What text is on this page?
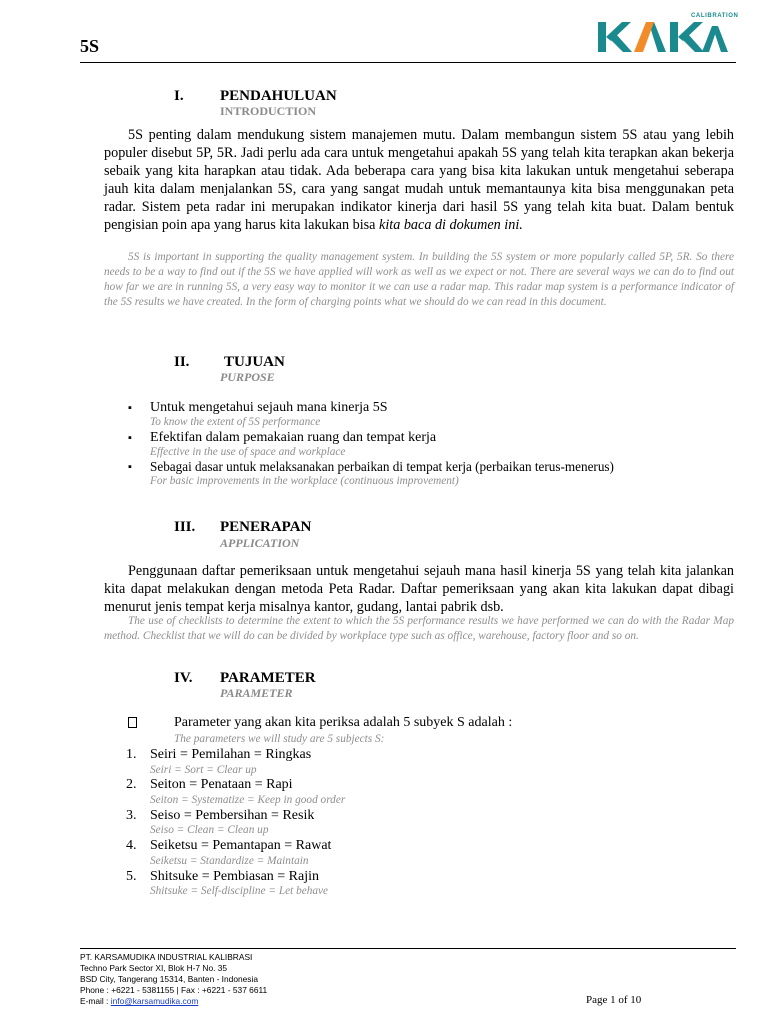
5S
CALIBRATION
I. PENDAHULUAN
INTRODUCTION
5S penting dalam mendukung sistem manajemen mutu. Dalam membangun sistem 5S atau yang lebih populer disebut 5P, 5R. Jadi perlu ada cara untuk mengetahui apakah 5S yang telah kita terapkan akan bekerja sebaik yang kita harapkan atau tidak. Ada beberapa cara yang bisa kita lakukan untuk mengetahui seberapa jauh kita dalam menjalankan 5S, cara yang sangat mudah untuk memantaunya kita bisa menggunakan peta radar. Sistem peta radar ini merupakan indikator kinerja dari hasil 5S yang telah kita buat. Dalam bentuk pengisian poin apa yang harus kita lakukan bisa kita baca di dokumen ini.
5S is important in supporting the quality management system. In building the 5S system or more popularly called 5P, 5R. So there needs to be a way to find out if the 5S we have applied will work as well as we expect or not. There are several ways we can do to find out how far we are in running 5S, a very easy way to monitor it we can use a radar map. This radar map system is a performance indicator of the 5S results we have created. In the form of charging points what we should do we can read in this document.
II. TUJUAN
PURPOSE
▪ Untuk mengetahui sejauh mana kinerja 5S
To know the extent of 5S performance
▪ Efektifan dalam pemakaian ruang dan tempat kerja
Effective in the use of space and workplace
▪ Sebagai dasar untuk melaksanakan perbaikan di tempat kerja (perbaikan terus-menerus)
For basic improvements in the workplace (continuous improvement)
III. PENERAPAN
APPLICATION
Penggunaan daftar pemeriksaan untuk mengetahui sejauh mana hasil kinerja 5S yang telah kita jalankan kita dapat melakukan dengan metoda Peta Radar. Daftar pemeriksaan yang akan kita lakukan dapat dibagi menurut jenis tempat kerja misalnya kantor, gudang, lantai pabrik dsb.
The use of checklists to determine the extent to which the 5S performance results we have performed we can do with the Radar Map method. Checklist that we will do can be divided by workplace type such as office, warehouse, factory floor and so on.
IV. PARAMETER
PARAMETER
Parameter yang akan kita periksa adalah 5 subyek S adalah :
The parameters we will study are 5 subjects S:
1. Seiri = Pemilahan = Ringkas
Seiri = Sort = Clear up
2. Seiton = Penataan = Rapi
Seiton = Systematize = Keep in good order
3. Seiso = Pembersihan = Resik
Seiso = Clean = Clean up
4. Seiketsu = Pemantapan = Rawat
Seiketsu = Standardize = Maintain
5. Shitsuke = Pembiasan = Rajin
Shitsuke = Self-discipline = Let behave
PT. KARSAMUDIKA INDUSTRIAL KALIBRASI
Techno Park Sector XI, Blok H-7 No. 35
BSD City, Tangerang 15314, Banten - Indonesia
Phone : +6221 - 5381155 | Fax : +6221 - 537 6611
E-mail : info@karsamudika.com	Page 1 of 10
